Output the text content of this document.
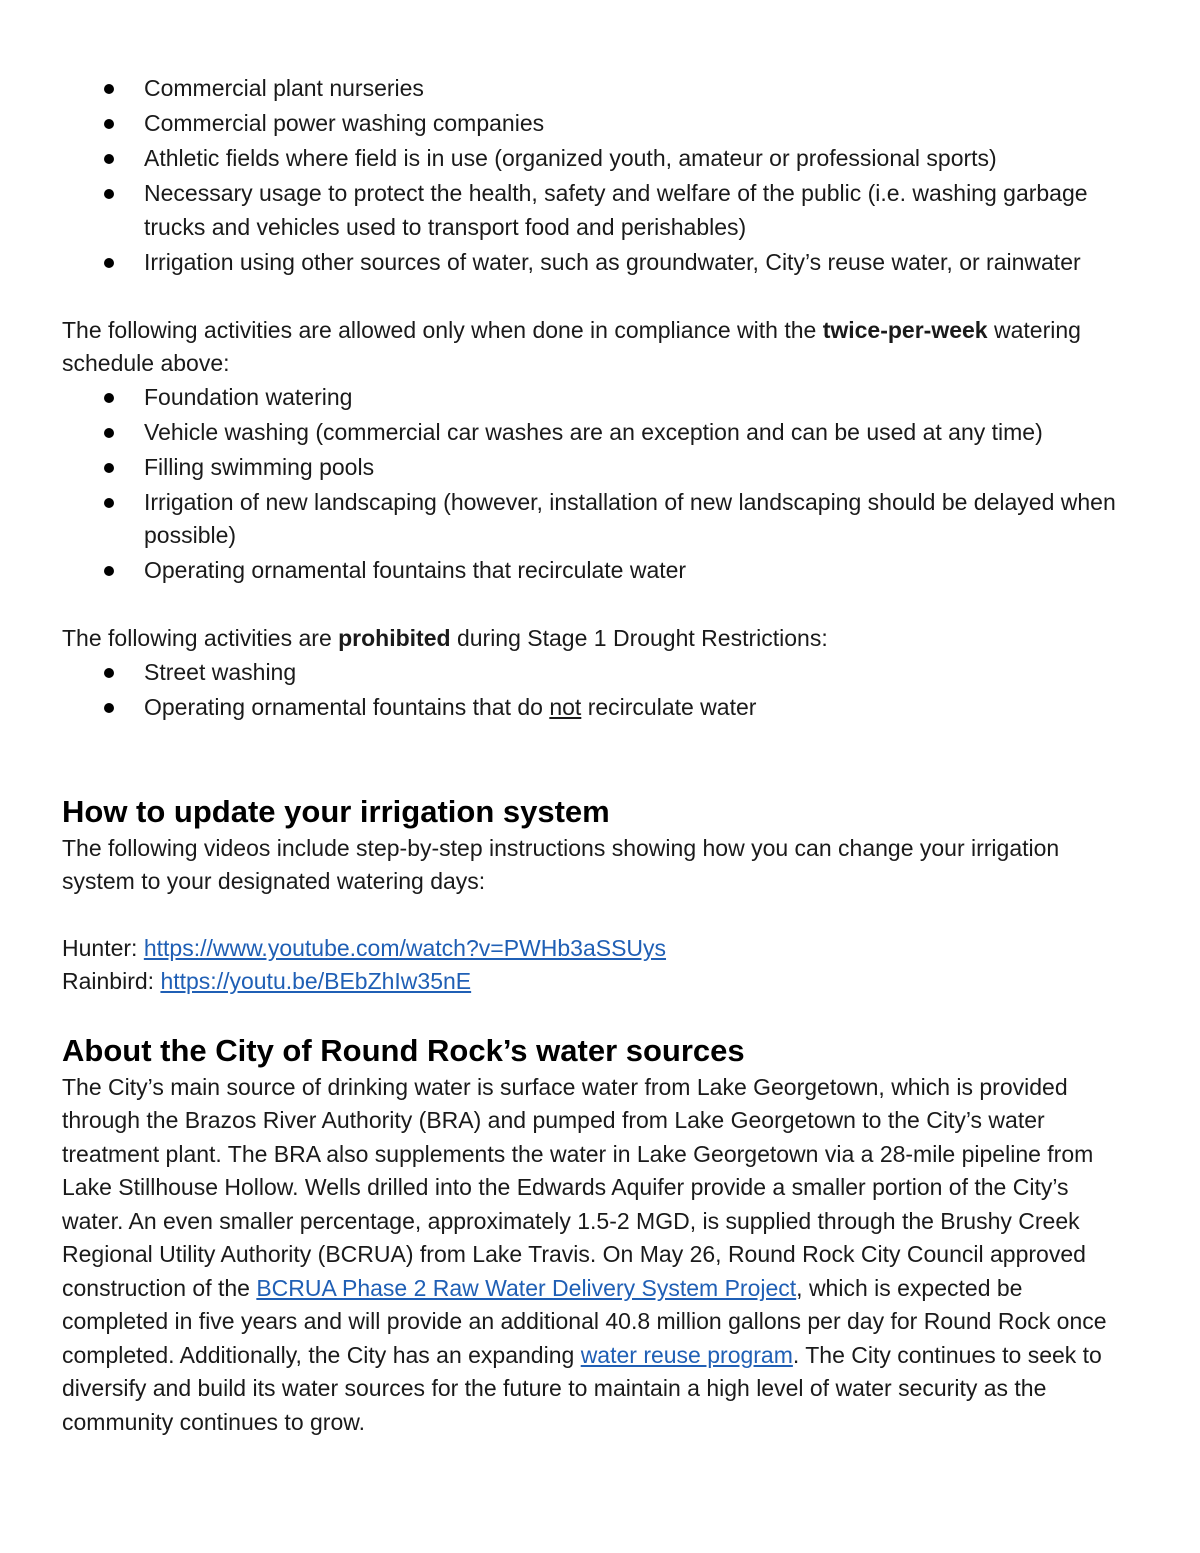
Commercial plant nurseries
Commercial power washing companies
Athletic fields where field is in use (organized youth, amateur or professional sports)
Necessary usage to protect the health, safety and welfare of the public (i.e. washing garbage trucks and vehicles used to transport food and perishables)
Irrigation using other sources of water, such as groundwater, City’s reuse water, or rainwater

The following activities are allowed only when done in compliance with the twice-per-week watering schedule above:

Foundation watering
Vehicle washing (commercial car washes are an exception and can be used at any time)
Filling swimming pools
Irrigation of new landscaping (however, installation of new landscaping should be delayed when possible)
Operating ornamental fountains that recirculate water

The following activities are prohibited during Stage 1 Drought Restrictions:

Street washing
Operating ornamental fountains that do not recirculate water
How to update your irrigation system

The following videos include step-by-step instructions showing how you can change your irrigation system to your designated watering days:

Hunter: https://www.youtube.com/watch?v=PWHb3aSSUys

Rainbird: https://youtu.be/BEbZhIw35nE

About the City of Round Rock’s water sources

The City’s main source of drinking water is surface water from Lake Georgetown, which is provided through the Brazos River Authority (BRA) and pumped from Lake Georgetown to the City’s water treatment plant. The BRA also supplements the water in Lake Georgetown via a 28-mile pipeline from Lake Stillhouse Hollow. Wells drilled into the Edwards Aquifer provide a smaller portion of the City’s water. An even smaller percentage, approximately 1.5-2 MGD, is supplied through the Brushy Creek Regional Utility Authority (BCRUA) from Lake Travis. On May 26, Round Rock City Council approved construction of the BCRUA Phase 2 Raw Water Delivery System Project, which is expected be completed in five years and will provide an additional 40.8 million gallons per day for Round Rock once completed. Additionally, the City has an expanding water reuse program. The City continues to seek to diversify and build its water sources for the future to maintain a high level of water security as the community continues to grow.
